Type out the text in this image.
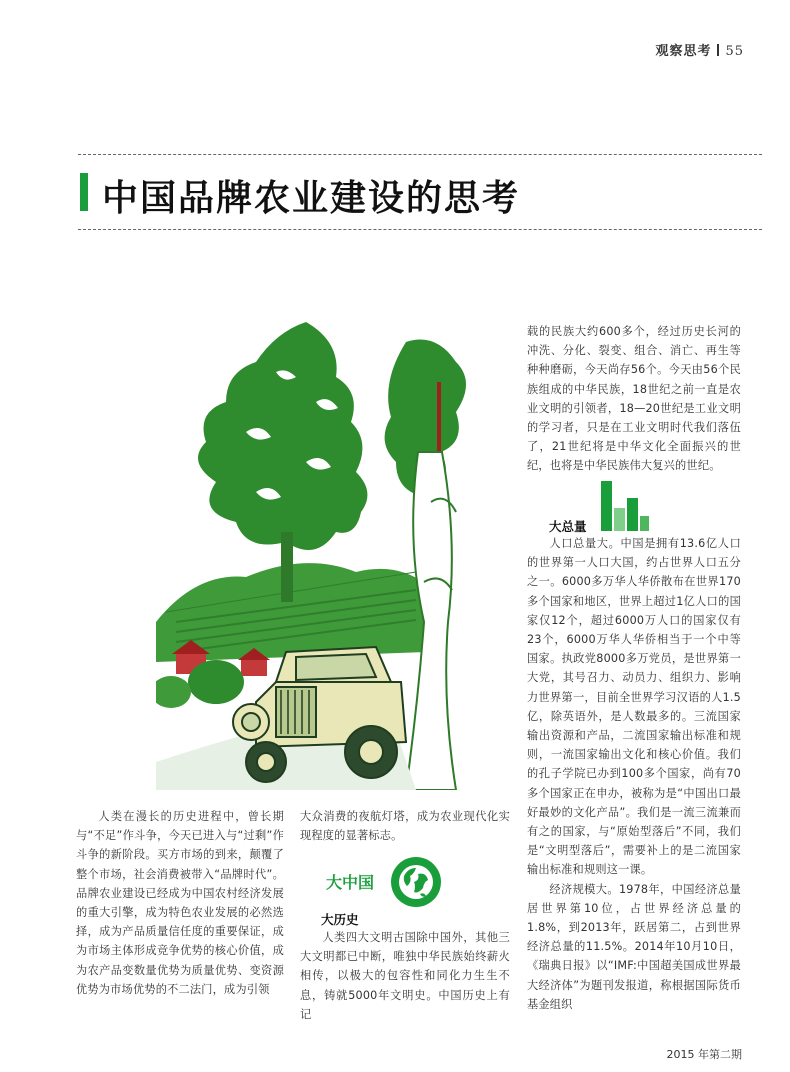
观察思考 55
中国品牌农业建设的思考

人类在漫长的历史进程中，曾长期与“不足”作斗争，今天已进入与“过剩”作斗争的新阶段。买方市场的到来，颠覆了整个市场，社会消费被带入“品牌时代”。品牌农业建设已经成为中国农村经济发展的重大引擎，成为特色农业发展的必然选择，成为产品质量信任度的重要保证，成为市场主体形成竞争优势的核心价值，成为农产品变数量优势为质量优势、变资源优势为市场优势的不二法门，成为引领

大众消费的夜航灯塔，成为农业现代化实现程度的显著标志。

大中国
大历史

人类四大文明古国除中国外，其他三大文明都已中断，唯独中华民族始终薪火相传，以极大的包容性和同化力生生不息，铸就5000年文明史。中国历史上有记

载的民族大约600多个，经过历史长河的冲洗、分化、裂变、组合、消亡、再生等种种磨砺，今天尚存56个。今天由56个民族组成的中华民族，18世纪之前一直是农业文明的引领者，18—20世纪是工业文明的学习者，只是在工业文明时代我们落伍了，21世纪将是中华文化全面振兴的世纪，也将是中华民族伟大复兴的世纪。

大总量

人口总量大。中国是拥有13.6亿人口的世界第一人口大国，约占世界人口五分之一。6000多万华人华侨散布在世界170多个国家和地区，世界上超过1亿人口的国家仅12个，超过6000万人口的国家仅有23个，6000万华人华侨相当于一个中等国家。执政党8000多万党员，是世界第一大党，其号召力、动员力、组织力、影响力世界第一，目前全世界学习汉语的人1.5亿，除英语外，是人数最多的。三流国家输出资源和产品，二流国家输出标准和规则，一流国家输出文化和核心价值。我们的孔子学院已办到100多个国家，尚有70多个国家正在申办，被称为是“中国出口最好最妙的文化产品”。我们是一流三流兼而有之的国家，与“原始型落后”不同，我们是“文明型落后”，需要补上的是二流国家输出标准和规则这一课。

经济规模大。1978年，中国经济总量居世界第10位，占世界经济总量的1.8%，到2013年，跃居第二，占到世界经济总量的11.5%。2014年10月10日，《瑞典日报》以“IMF:中国超美国成世界最大经济体”为题刊发报道，称根据国际货币基金组织

2015 年第二期
